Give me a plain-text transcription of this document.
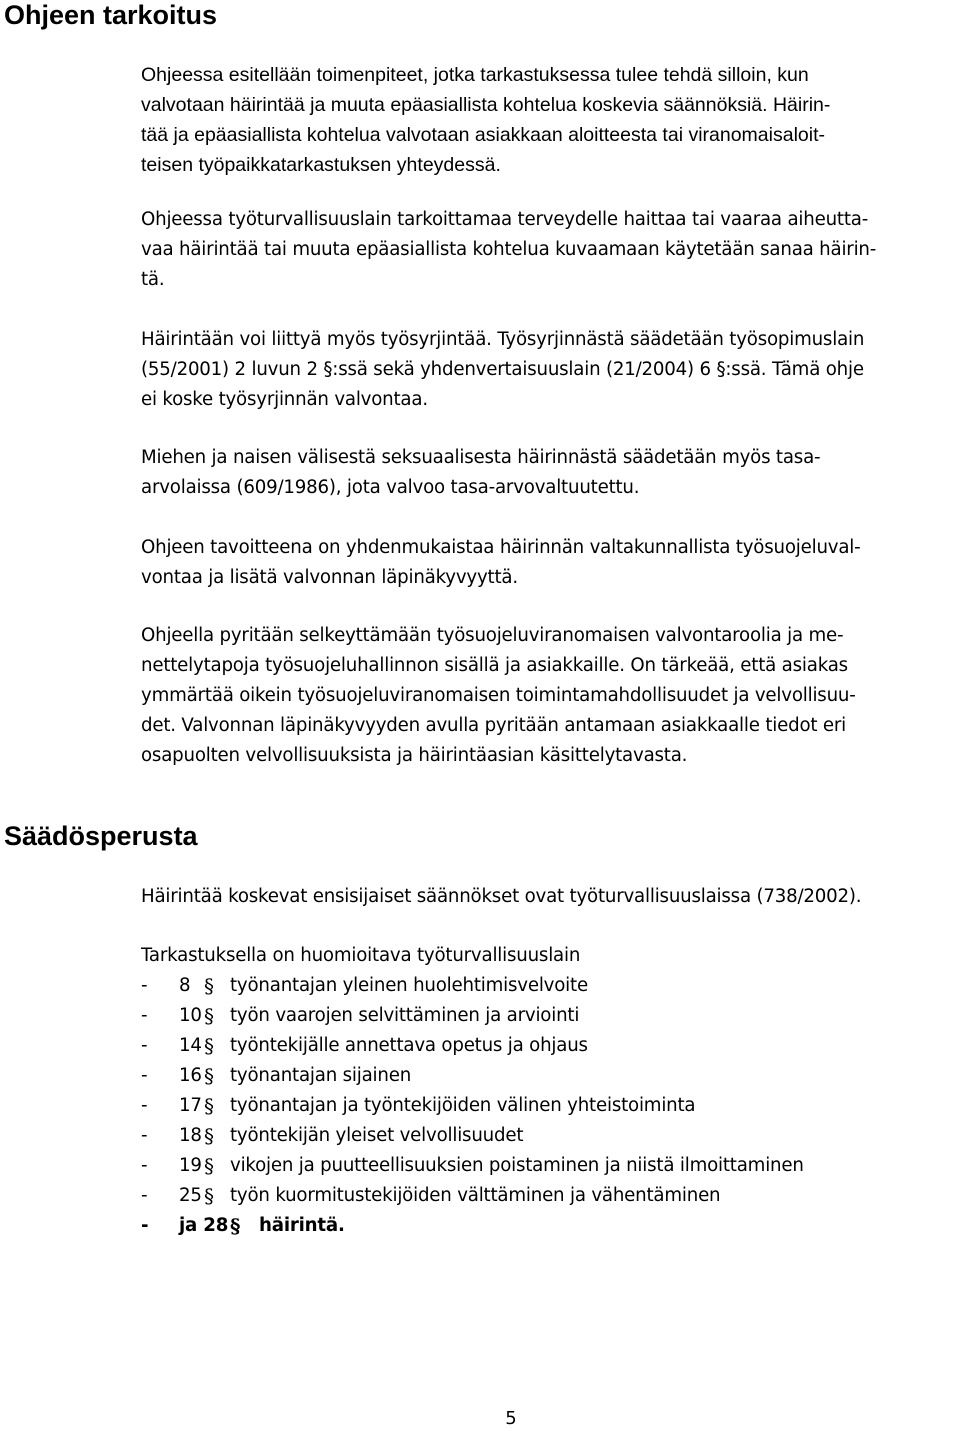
Ohjeen tarkoitus

Ohjeessa esitellään toimenpiteet, jotka tarkastuksessa tulee tehdä silloin, kun
valvotaan häirintää ja muuta epäasiallista kohtelua koskevia säännöksiä. Häirin-
tää ja epäasiallista kohtelua valvotaan asiakkaan aloitteesta tai viranomaisaloit-
teisen työpaikkatarkastuksen yhteydessä.

Ohjeessa työturvallisuuslain tarkoittamaa terveydelle haittaa tai vaaraa aiheutta-
vaa häirintää tai muuta epäasiallista kohtelua kuvaamaan käytetään sanaa häirin-
tä.

Häirintään voi liittyä myös työsyrjintää. Työsyrjinnästä säädetään työsopimuslain
(55/2001) 2 luvun 2 §:ssä sekä yhdenvertaisuuslain (21/2004) 6 §:ssä. Tämä ohje
ei koske työsyrjinnän valvontaa.

Miehen ja naisen välisestä seksuaalisesta häirinnästä säädetään myös tasa-
arvolaissa (609/1986), jota valvoo tasa-arvovaltuutettu.

Ohjeen tavoitteena on yhdenmukaistaa häirinnän valtakunnallista työsuojeluval-
vontaa ja lisätä valvonnan läpinäkyvyyttä.

Ohjeella pyritään selkeyttämään työsuojeluviranomaisen valvontaroolia ja me-
nettelytapoja työsuojeluhallinnon sisällä ja asiakkaille. On tärkeää, että asiakas
ymmärtää oikein työsuojeluviranomaisen toimintamahdollisuudet ja velvollisuu-
det. Valvonnan läpinäkyvyyden avulla pyritään antamaan asiakkaalle tiedot eri
osapuolten velvollisuuksista ja häirintäasian käsittelytavasta.

Säädösperusta

Häirintää koskevat ensisijaiset säännökset ovat työturvallisuuslaissa (738/2002).

Tarkastuksella on huomioitava työturvallisuuslain

- 8 § työnantajan yleinen huolehtimisvelvoite
- 10 § työn vaarojen selvittäminen ja arviointi
- 14 § työntekijälle annettava opetus ja ohjaus
- 16 § työnantajan sijainen
- 17 § työnantajan ja työntekijöiden välinen yhteistoiminta
- 18 § työntekijän yleiset velvollisuudet
- 19 § vikojen ja puutteellisuuksien poistaminen ja niistä ilmoittaminen
- 25 § työn kuormitustekijöiden välttäminen ja vähentäminen
- ja 28 § häirintä.

5
